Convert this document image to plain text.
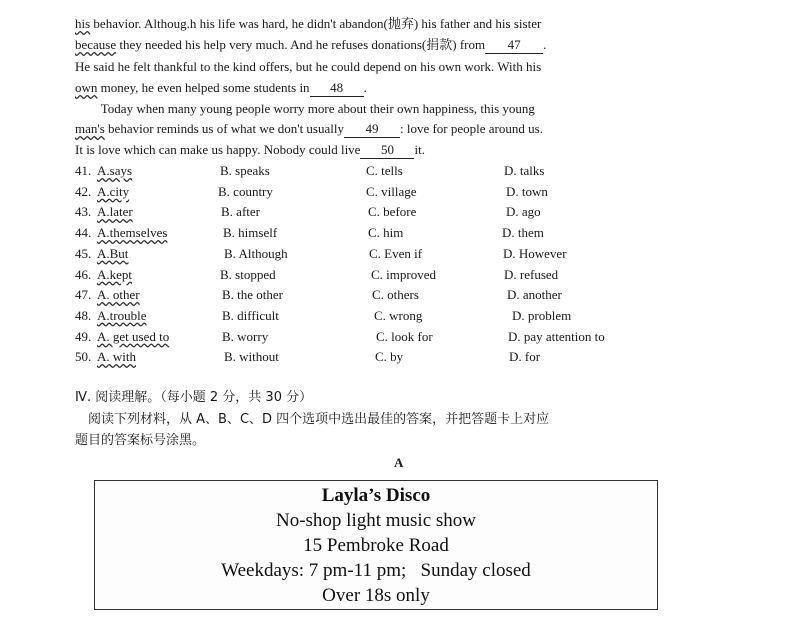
his behavior. Althoug.h his life was hard, he didn't abandon(抛弃) his father and his sister
because they needed his help very much. And he refuses donations(捐款) from 47 .
He said he felt thankful to the kind offers, but he could depend on his own work. With his
own money, he even helped some students in 48 .
Today when many young people worry more about their own happiness, this young
man's behavior reminds us of what we don't usually 49 : love for people around us.
It is love which can make us happy. Nobody could live 50 it.
41. A.says	B. speaks	C. tells	D. talks
42. A.city	B. country	C. village	D. town
43. A.later	B. after	C. before	D. ago
44. A.themselves	B. himself	C. him	D. them
45. A.But	B. Although	C. Even if	D. However
46. A.kept	B. stopped	C. improved	D. refused
47. A. other	B. the other	C. others	D. another
48. A.trouble	B. difficult	C. wrong	D. problem
49. A. get used to	B. worry	C. look for	D. pay attention to
50. A. with	B. without	C. by	D. for
Ⅳ. 阅读理解。（每小题 2 分，共 30 分）
阅读下列材料，从 A、B、C、D 四个选项中选出最佳的答案，并把答题卡上对应
题目的答案标号涂黑。
A
Layla’s Disco
No-shop light music show
15 Pembroke Road
Weekdays: 7 pm-11 pm; Sunday closed
Over 18s only
